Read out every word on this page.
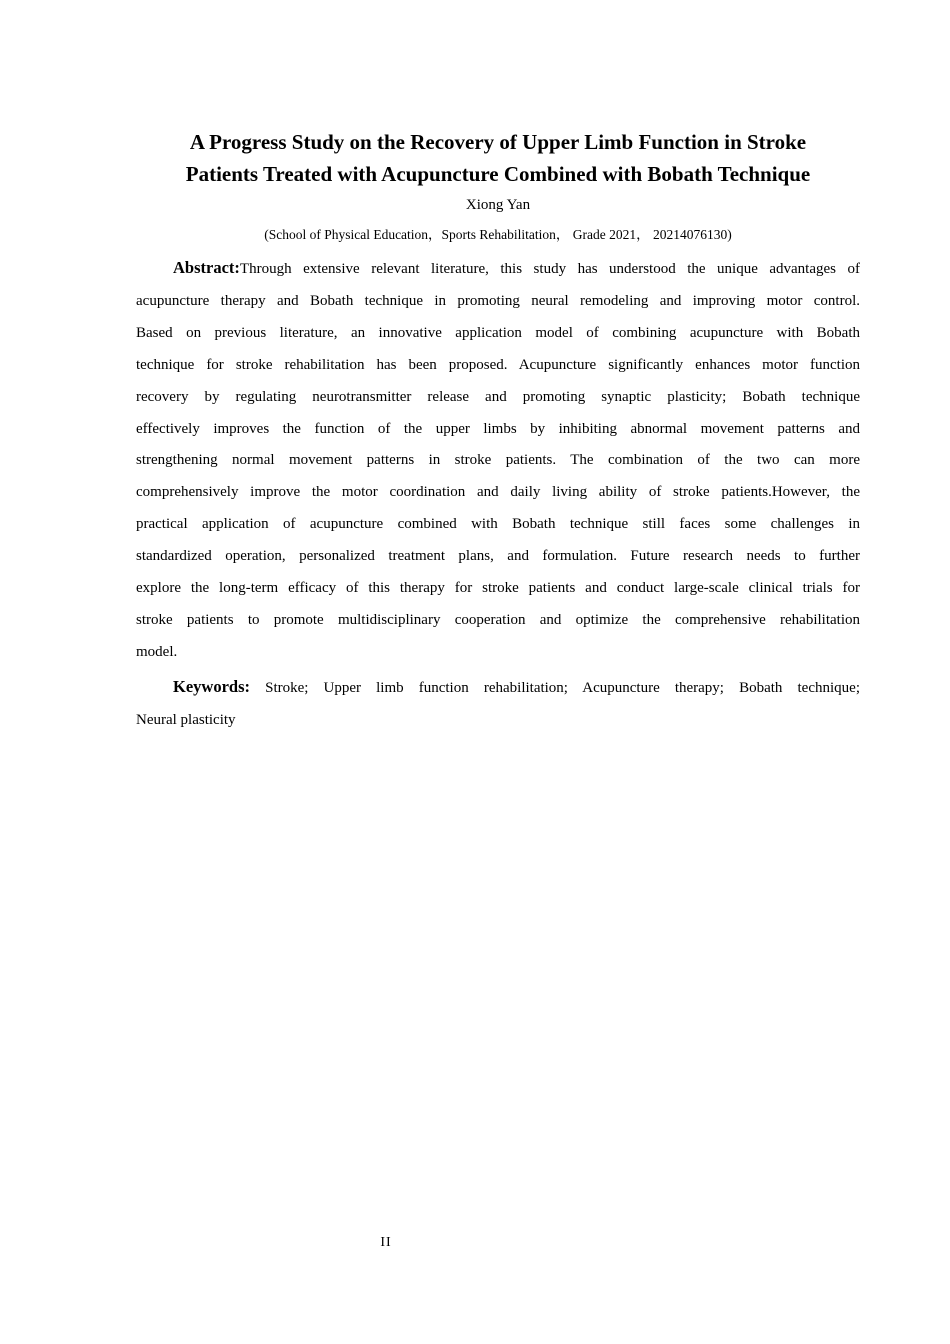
A Progress Study on the Recovery of Upper Limb Function in Stroke
Patients Treated with Acupuncture Combined with Bobath Technique
Xiong Yan
(School of Physical Education，Sports Rehabilitation， Grade 2021， 20214076130)
Abstract:Through extensive relevant literature, this study has understood the unique advantages of
acupuncture therapy and Bobath technique in promoting neural remodeling and improving motor control.
Based on previous literature, an innovative application model of combining acupuncture with Bobath
technique for stroke rehabilitation has been proposed. Acupuncture significantly enhances motor function
recovery by regulating neurotransmitter release and promoting synaptic plasticity; Bobath technique
effectively improves the function of the upper limbs by inhibiting abnormal movement patterns and
strengthening normal movement patterns in stroke patients. The combination of the two can more
comprehensively improve the motor coordination and daily living ability of stroke patients.However, the
practical application of acupuncture combined with Bobath technique still faces some challenges in
standardized operation, personalized treatment plans, and formulation. Future research needs to further
explore the long-term efficacy of this therapy for stroke patients and conduct large-scale clinical trials for
stroke patients to promote multidisciplinary cooperation and optimize the comprehensive rehabilitation
model.
Keywords: Stroke; Upper limb function rehabilitation; Acupuncture therapy; Bobath technique;
Neural plasticity
II
